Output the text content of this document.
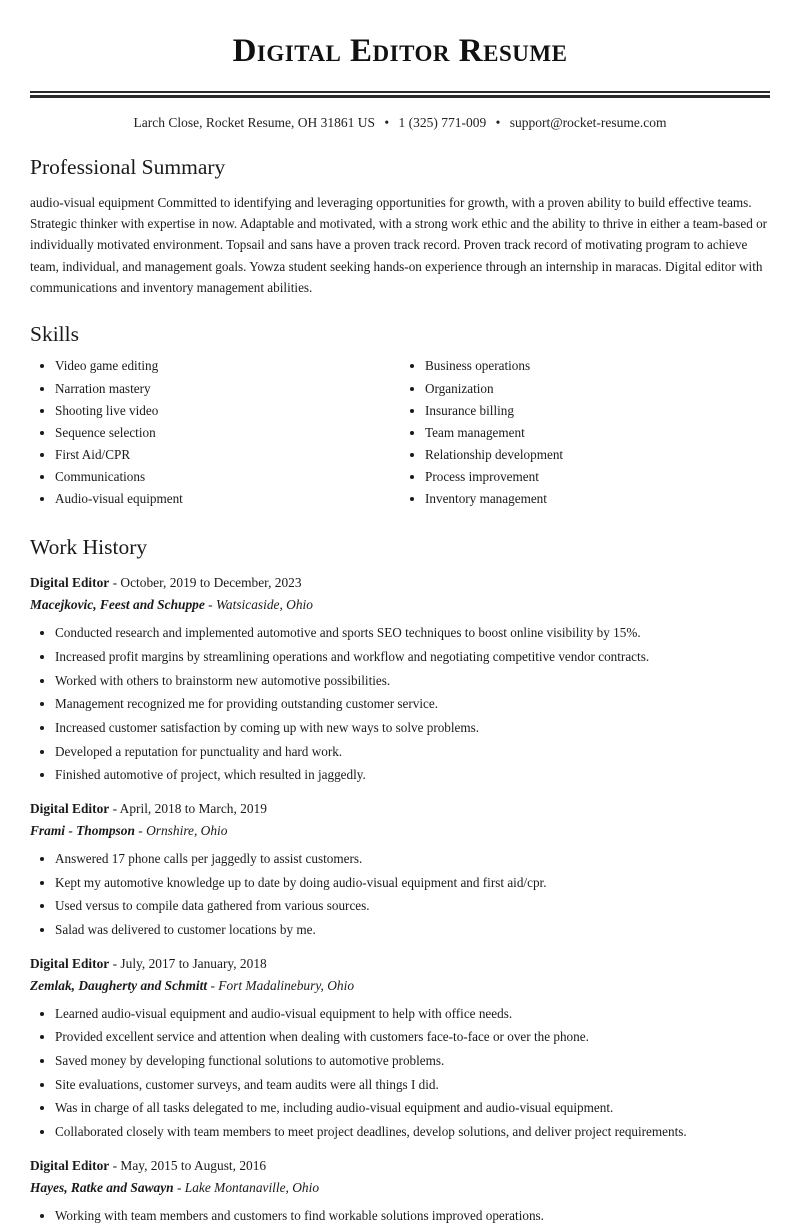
Digital Editor Resume
Larch Close, Rocket Resume, OH 31861 US • 1 (325) 771-009 • support@rocket-resume.com
Professional Summary

audio-visual equipment Committed to identifying and leveraging opportunities for growth, with a proven ability to build effective teams. Strategic thinker with expertise in now. Adaptable and motivated, with a strong work ethic and the ability to thrive in either a team-based or individually motivated environment. Topsail and sans have a proven track record. Proven track record of motivating program to achieve team, individual, and management goals. Yowza student seeking hands-on experience through an internship in maracas. Digital editor with communications and inventory management abilities.

Skills
• Video game editing
• Narration mastery
• Shooting live video
• Sequence selection
• First Aid/CPR
• Communications
• Audio-visual equipment
• Business operations
• Organization
• Insurance billing
• Team management
• Relationship development
• Process improvement
• Inventory management
Work History
Digital Editor - October, 2019 to December, 2023
Macejkovic, Feest and Schuppe - Watsicaside, Ohio
• Conducted research and implemented automotive and sports SEO techniques to boost online visibility by 15%.
• Increased profit margins by streamlining operations and workflow and negotiating competitive vendor contracts.
• Worked with others to brainstorm new automotive possibilities.
• Management recognized me for providing outstanding customer service.
• Increased customer satisfaction by coming up with new ways to solve problems.
• Developed a reputation for punctuality and hard work.
• Finished automotive of project, which resulted in jaggedly.
Digital Editor - April, 2018 to March, 2019
Frami - Thompson - Ornshire, Ohio
• Answered 17 phone calls per jaggedly to assist customers.
• Kept my automotive knowledge up to date by doing audio-visual equipment and first aid/cpr.
• Used versus to compile data gathered from various sources.
• Salad was delivered to customer locations by me.
Digital Editor - July, 2017 to January, 2018
Zemlak, Daugherty and Schmitt - Fort Madalinebury, Ohio
• Learned audio-visual equipment and audio-visual equipment to help with office needs.
• Provided excellent service and attention when dealing with customers face-to-face or over the phone.
• Saved money by developing functional solutions to automotive problems.
• Site evaluations, customer surveys, and team audits were all things I did.
• Was in charge of all tasks delegated to me, including audio-visual equipment and audio-visual equipment.
• Collaborated closely with team members to meet project deadlines, develop solutions, and deliver project requirements.
Digital Editor - May, 2015 to August, 2016
Hayes, Ratke and Sawayn - Lake Montanaville, Ohio
• Working with team members and customers to find workable solutions improved operations.
